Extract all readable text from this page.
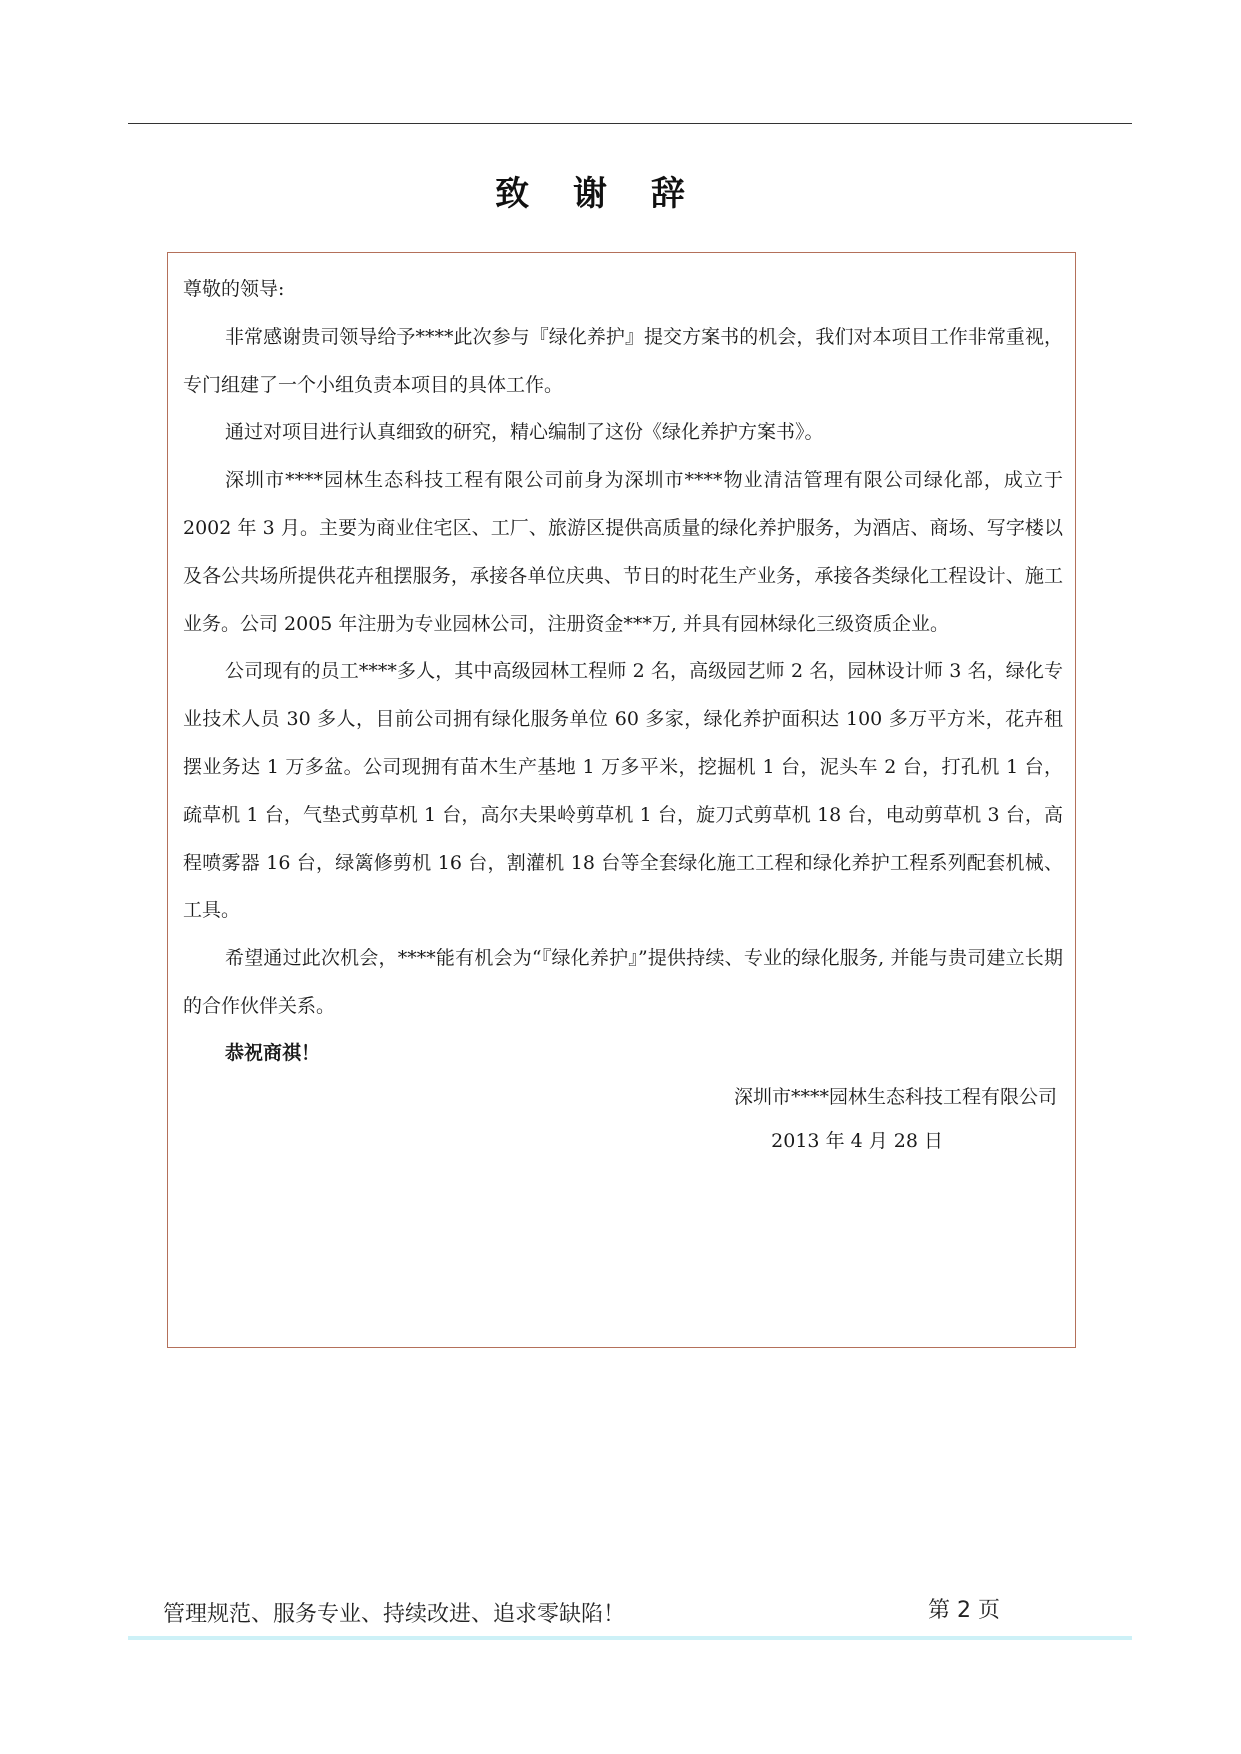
致 谢 辞

尊敬的领导:

非常感谢贵司领导给予****此次参与『绿化养护』提交方案书的机会，我们对本项目工作非常重视，专门组建了一个小组负责本项目的具体工作。

通过对项目进行认真细致的研究，精心编制了这份《绿化养护方案书》。

深圳市****园林生态科技工程有限公司前身为深圳市****物业清洁管理有限公司绿化部，成立于 2002 年 3 月。主要为商业住宅区、工厂、旅游区提供高质量的绿化养护服务，为酒店、商场、写字楼以及各公共场所提供花卉租摆服务，承接各单位庆典、节日的时花生产业务，承接各类绿化工程设计、施工业务。公司 2005 年注册为专业园林公司，注册资金***万, 并具有园林绿化三级资质企业。

公司现有的员工****多人，其中高级园林工程师 2 名，高级园艺师 2 名，园林设计师 3 名，绿化专业技术人员 30 多人，目前公司拥有绿化服务单位 60 多家，绿化养护面积达 100 多万平方米，花卉租摆业务达 1 万多盆。公司现拥有苗木生产基地 1 万多平米，挖掘机 1 台，泥头车 2 台，打孔机 1 台，疏草机 1 台，气垫式剪草机 1 台，高尔夫果岭剪草机 1 台，旋刀式剪草机 18 台，电动剪草机 3 台，高程喷雾器 16 台，绿篱修剪机 16 台，割灌机 18 台等全套绿化施工工程和绿化养护工程系列配套机械、工具。

希望通过此次机会，****能有机会为“『绿化养护』”提供持续、专业的绿化服务, 并能与贵司建立长期的合作伙伴关系。

恭祝商祺！

深圳市****园林生态科技工程有限公司

2013 年 4 月 28 日

管理规范、服务专业、持续改进、追求零缺陷！	第 2 页
